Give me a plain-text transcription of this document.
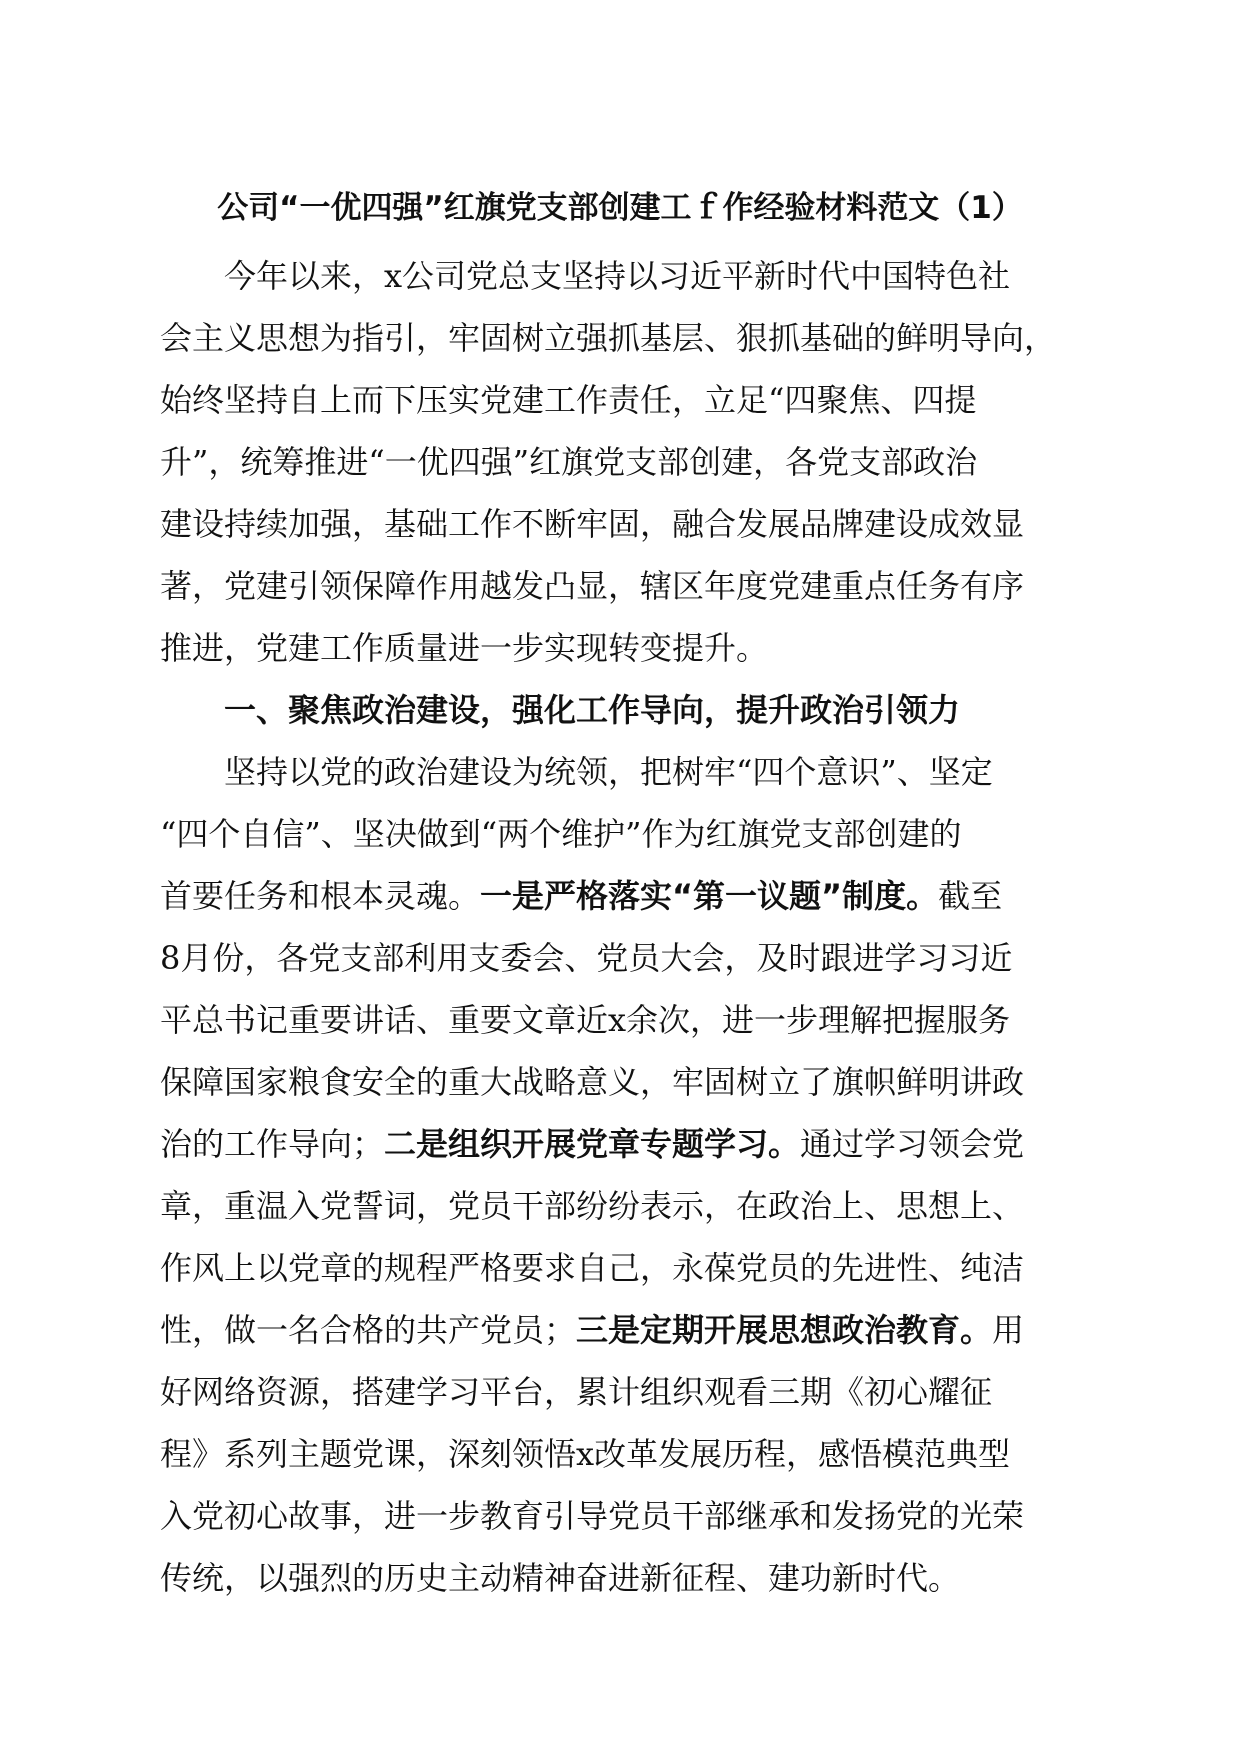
公司“一优四强”红旗党支部创建工ｆ作经验材料范文（1）
今年以来，x公司党总支坚持以习近平新时代中国特色社
会主义思想为指引，牢固树立强抓基层、狠抓基础的鲜明导向，
始终坚持自上而下压实党建工作责任，立足“四聚焦、四提
升”，统筹推进“一优四强”红旗党支部创建，各党支部政治
建设持续加强，基础工作不断牢固，融合发展品牌建设成效显
著，党建引领保障作用越发凸显，辖区年度党建重点任务有序
推进，党建工作质量进一步实现转变提升。
一、聚焦政治建设，强化工作导向，提升政治引领力
坚持以党的政治建设为统领，把树牢“四个意识”、坚定
“四个自信”、坚决做到“两个维护”作为红旗党支部创建的
首要任务和根本灵魂。一是严格落实“第一议题”制度。截至
8月份，各党支部利用支委会、党员大会，及时跟进学习习近
平总书记重要讲话、重要文章近x余次，进一步理解把握服务
保障国家粮食安全的重大战略意义，牢固树立了旗帜鲜明讲政
治的工作导向；二是组织开展党章专题学习。通过学习领会党
章，重温入党誓词，党员干部纷纷表示，在政治上、思想上、
作风上以党章的规程严格要求自己，永葆党员的先进性、纯洁
性，做一名合格的共产党员；三是定期开展思想政治教育。用
好网络资源，搭建学习平台，累计组织观看三期《初心耀征
程》系列主题党课，深刻领悟x改革发展历程，感悟模范典型
入党初心故事，进一步教育引导党员干部继承和发扬党的光荣
传统，以强烈的历史主动精神奋进新征程、建功新时代。
